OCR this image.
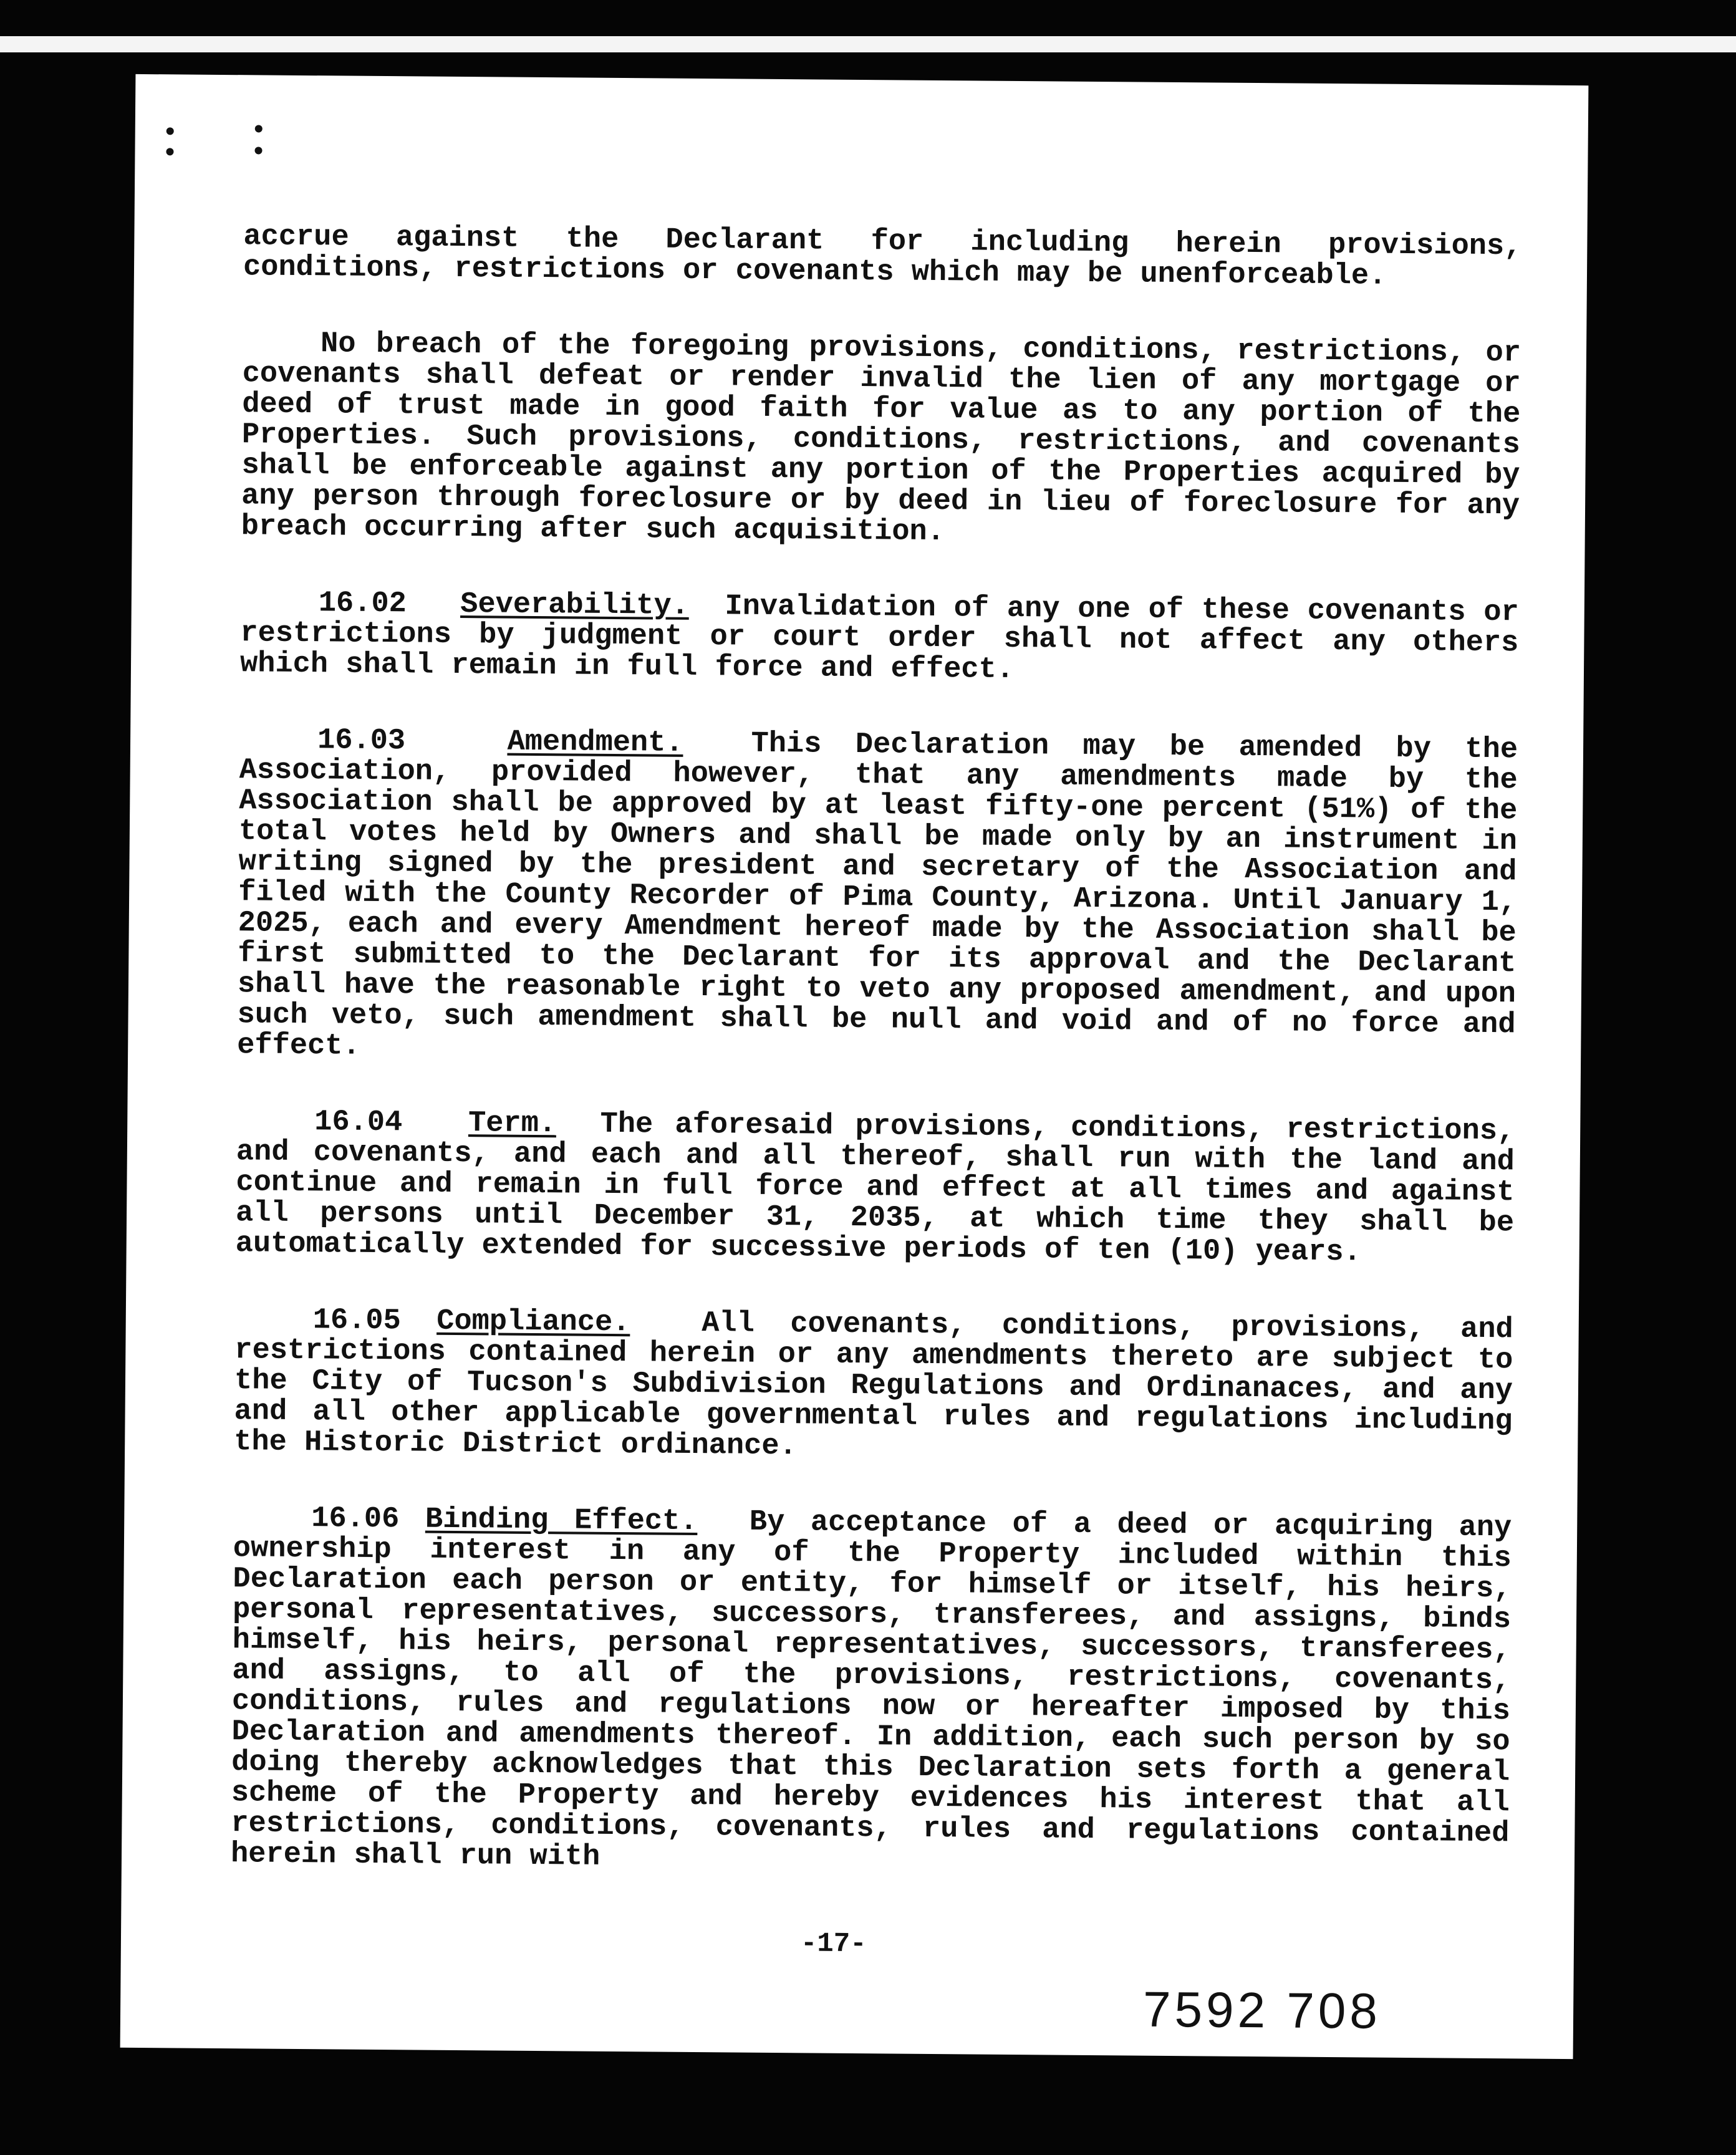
accrue against the Declarant for including herein provisions, conditions, restrictions or covenants which may be unenforceable.

No breach of the foregoing provisions, conditions, restrictions, or covenants shall defeat or render invalid the lien of any mortgage or deed of trust made in good faith for value as to any portion of the Properties. Such provisions, conditions, restrictions, and covenants shall be enforceable against any portion of the Properties acquired by any person through foreclosure or by deed in lieu of foreclosure for any breach occurring after such acquisition.

16.02 Severability. Invalidation of any one of these covenants or restrictions by judgment or court order shall not affect any others which shall remain in full force and effect.

16.03	Amendment. This Declaration may be amended by the Association, provided however, that any amendments made by the Association shall be approved by at least fifty-one percent (51%) of the total votes held by Owners and shall be made only by an instrument in writing signed by the president and secretary of the Association and filed with the County Recorder of Pima County, Arizona. Until January 1, 2025, each and every Amendment hereof made by the Association shall be first submitted to the Declarant for its approval and the Declarant shall have the reasonable right to veto any proposed amendment, and upon such veto, such amendment shall be null and void and of no force and effect.

16.04 Term. The aforesaid provisions, conditions, restrictions, and covenants, and each and all thereof, shall run with the land and continue and remain in full force and effect at all times and against all persons until December 31, 2035, at which time they shall be automatically extended for successive periods of ten (10) years.

16.05 Compliance. All covenants, conditions, provisions, and restrictions contained herein or any amendments thereto are subject to the City of Tucson's Subdivision Regulations and Ordinanaces, and any and all other applicable governmental rules and regulations including the Historic District ordinance.

16.06 Binding Effect. By acceptance of a deed or acquiring any ownership interest in any of the Property included within this Declaration each person or entity, for himself or itself, his heirs, personal representatives, successors, transferees, and assigns, binds himself, his heirs, personal representatives, successors, transferees, and assigns, to all of the provisions, restrictions, covenants, conditions, rules and regulations now or hereafter imposed by this Declaration and amendments thereof. In addition, each such person by so doing thereby acknowledges that this Declaration sets forth a general scheme of the Property and hereby evidences his interest that all restrictions, conditions, covenants, rules and regulations contained herein shall run with

-17-
7592 708
